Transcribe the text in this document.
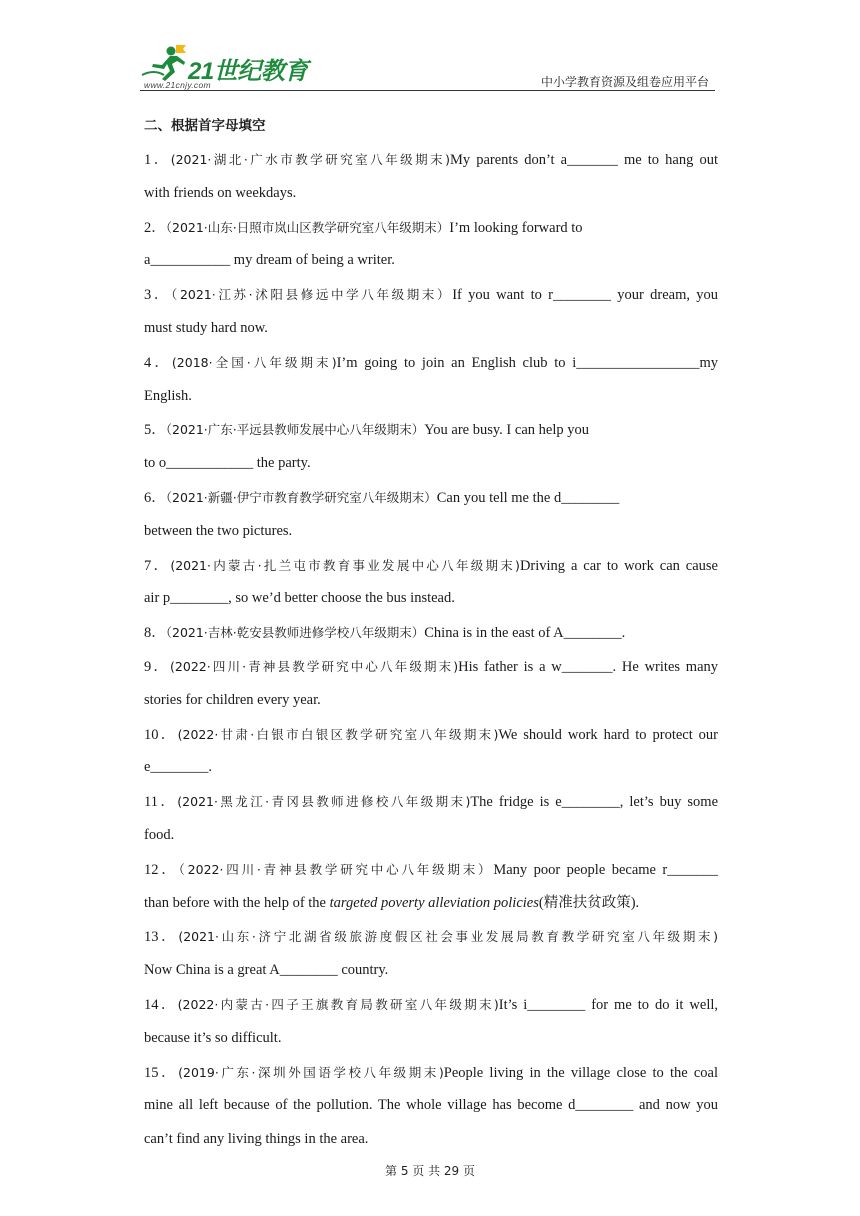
21世纪教育
www.21cnjy.com	中小学教育资源及组卷应用平台
二、根据首字母填空
1．(2021·湖北·广水市教学研究室八年级期末)My parents don’t a_______ me to hang out
with friends on weekdays.
2．（2021·山东·日照市岚山区教学研究室八年级期末）I’m looking forward to
a___________ my dream of being a writer.
3．（2021·江苏·沭阳县修远中学八年级期末）If you want to r________ your dream, you
must study hard now.
4．(2018·全国·八年级期末)I’m going to join an English club to i_________________my
English.
5．（2021·广东·平远县教师发展中心八年级期末）You are busy. I can help you
to o____________ the party.
6．（2021·新疆·伊宁市教育教学研究室八年级期末）Can you tell me the d________
between the two pictures.
7．(2021·内蒙古·扎兰屯市教育事业发展中心八年级期末)Driving a car to work can cause
air p________, so we’d better choose the bus instead.
8．（2021·吉林·乾安县教师进修学校八年级期末）China is in the east of A________.
9．(2022·四川·青神县教学研究中心八年级期末)His father is a w_______. He writes many
stories for children every year.
10．(2022·甘肃·白银市白银区教学研究室八年级期末)We should work hard to protect our
e________.
11．(2021·黑龙江·青冈县教师进修校八年级期末)The fridge is e________, let’s buy some
food.
12．（2022·四川·青神县教学研究中心八年级期末）Many poor people became r_______
than before with the help of the targeted poverty alleviation policies(精准扶贫政策).
13．(2021·山东·济宁北湖省级旅游度假区社会事业发展局教育教学研究室八年级期末)
Now China is a great A________ country.
14．(2022·内蒙古·四子王旗教育局教研室八年级期末)It’s i________ for me to do it well,
because it’s so difficult.
15．(2019·广东·深圳外国语学校八年级期末)People living in the village close to the coal
mine all left because of the pollution. The whole village has become d________ and now you
can’t find any living things in the area.
第 5 页 共 29 页
